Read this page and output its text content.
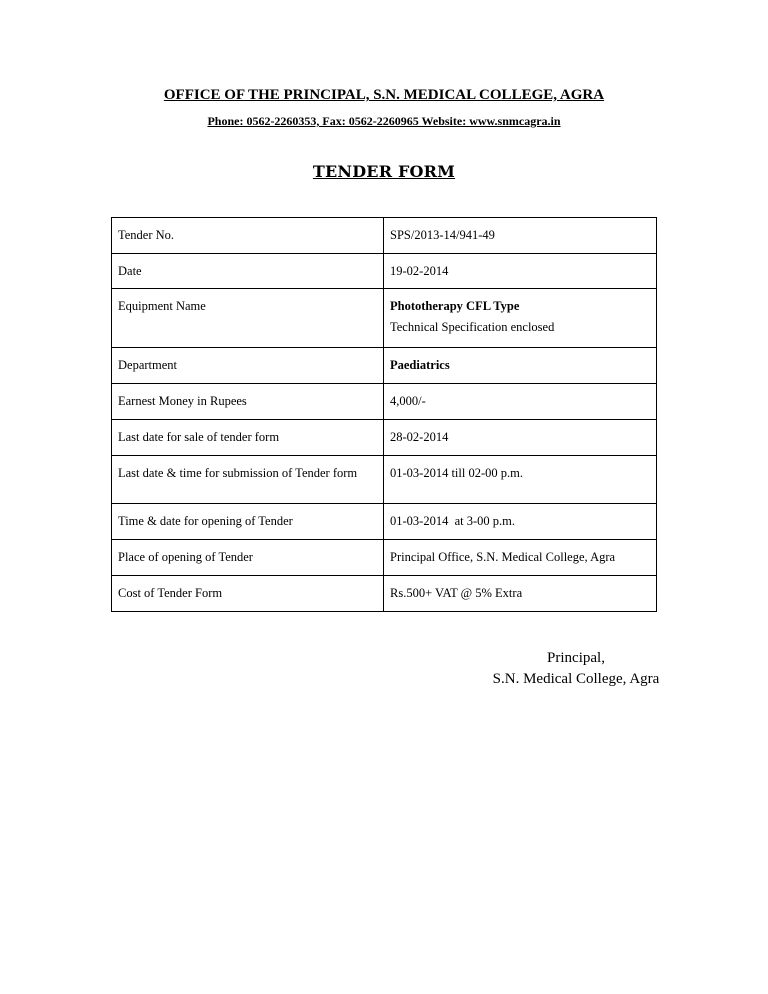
OFFICE OF THE PRINCIPAL, S.N. MEDICAL COLLEGE, AGRA
Phone: 0562-2260353, Fax: 0562-2260965 Website: www.snmcagra.in
TENDER FORM
Tender No.	SPS/2013-14/941-49
Date	19-02-2014
Equipment Name	Phototherapy CFL Type
Technical Specification enclosed

Department	Paediatrics
Earnest Money in Rupees	4,000/-
Last date for sale of tender form	28-02-2014
Last date & time for submission of Tender form	01-03-2014 till 02-00 p.m.
Time & date for opening of Tender	01-03-2014  at 3-00 p.m.
Place of opening of Tender	Principal Office, S.N. Medical College, Agra
Cost of Tender Form	Rs.500+ VAT @ 5% Extra
Principal,
S.N. Medical College, Agra
